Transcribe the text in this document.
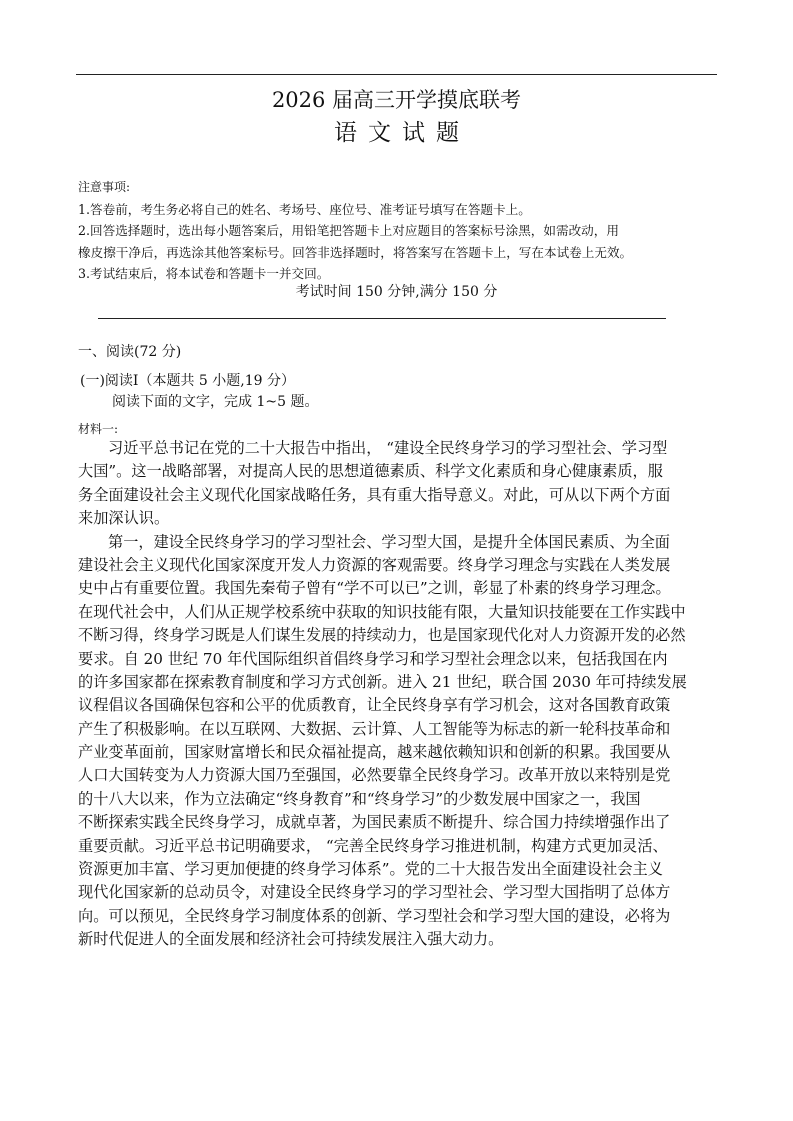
2026 届高三开学摸底联考
语文试题
注意事项:
1.答卷前，考生务必将自己的姓名、考场号、座位号、准考证号填写在答题卡上。
2.回答选择题时，选出每小题答案后，用铅笔把答题卡上对应题目的答案标号涂黑，如需改动，用
橡皮擦干净后，再选涂其他答案标号。回答非选择题时，将答案写在答题卡上，写在本试卷上无效。
3.考试结束后，将本试卷和答题卡一并交回。
考试时间 150 分钟,满分 150 分
一、阅读(72 分)
(一)阅读Ⅰ（本题共 5 小题,19 分）
阅读下面的文字，完成 1~5 题。
材料一:
习近平总书记在党的二十大报告中指出， “建设全民终身学习的学习型社会、学习型
大国”。这一战略部署，对提高人民的思想道德素质、科学文化素质和身心健康素质，服
务全面建设社会主义现代化国家战略任务，具有重大指导意义。对此，可从以下两个方面
来加深认识。
第一，建设全民终身学习的学习型社会、学习型大国，是提升全体国民素质、为全面
建设社会主义现代化国家深度开发人力资源的客观需要。终身学习理念与实践在人类发展
史中占有重要位置。我国先秦荀子曾有“学不可以已”之训，彰显了朴素的终身学习理念。
在现代社会中，人们从正规学校系统中获取的知识技能有限，大量知识技能要在工作实践中
不断习得，终身学习既是人们谋生发展的持续动力，也是国家现代化对人力资源开发的必然
要求。自 20 世纪 70 年代国际组织首倡终身学习和学习型社会理念以来，包括我国在内
的许多国家都在探索教育制度和学习方式创新。进入 21 世纪，联合国 2030 年可持续发展
议程倡议各国确保包容和公平的优质教育，让全民终身享有学习机会，这对各国教育政策
产生了积极影响。在以互联网、大数据、云计算、人工智能等为标志的新一轮科技革命和
产业变革面前，国家财富增长和民众福祉提高，越来越依赖知识和创新的积累。我国要从
人口大国转变为人力资源大国乃至强国，必然要靠全民终身学习。改革开放以来特别是党
的十八大以来，作为立法确定“终身教育”和“终身学习”的少数发展中国家之一，我国
不断探索实践全民终身学习，成就卓著，为国民素质不断提升、综合国力持续增强作出了
重要贡献。习近平总书记明确要求， “完善全民终身学习推进机制，构建方式更加灵活、
资源更加丰富、学习更加便捷的终身学习体系”。党的二十大报告发出全面建设社会主义
现代化国家新的总动员令，对建设全民终身学习的学习型社会、学习型大国指明了总体方
向。可以预见，全民终身学习制度体系的创新、学习型社会和学习型大国的建设，必将为
新时代促进人的全面发展和经济社会可持续发展注入强大动力。
